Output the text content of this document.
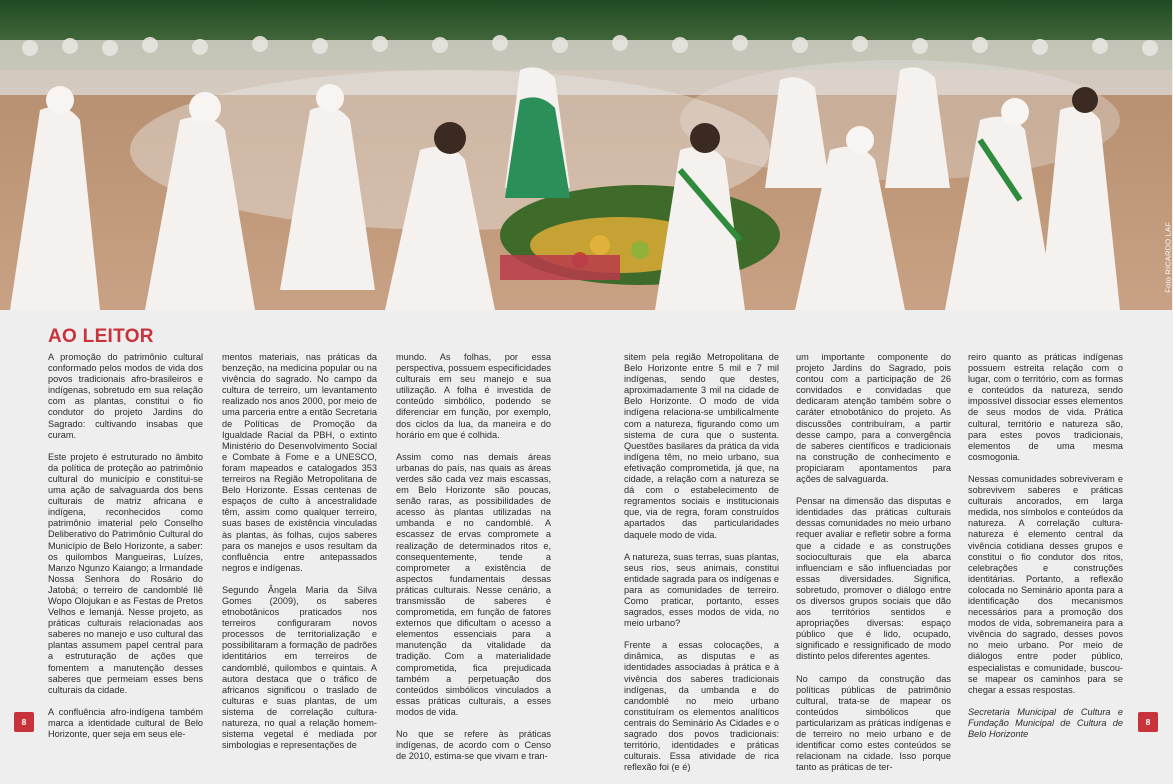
Foto RICARDO LAF
AO LEITOR

A promoção do patrimônio cultural conformado pelos modos de vida dos povos tradicionais afro-brasileiros e indígenas, sobretudo em sua relação com as plantas, constitui o fio condutor do projeto Jardins do Sagrado: cultivando insabas que curam.

Este projeto é estruturado no âmbito da política de proteção ao patrimônio cultural do município e constitui-se uma ação de salvaguarda dos bens culturais de matriz africana e indígena, reconhecidos como patrimônio imaterial pelo Conselho Deliberativo do Patrimônio Cultural do Município de Belo Horizonte, a saber: os quilombos Mangueiras, Luízes, Manzo Ngunzo Kaiango; a Irmandade Nossa Senhora do Rosário do Jatobá; o terreiro de candomblé Ilê Wopo Olojukan e as Festas de Pretos Velhos e Iemanjá. Nesse projeto, as práticas culturais relacionadas aos saberes no manejo e uso cultural das plantas assumem papel central para a estruturação de ações que fomentem a manutenção desses saberes que permeiam esses bens culturais da cidade.

A confluência afro-indígena também marca a identidade cultural de Belo Horizonte, quer seja em seus ele-

mentos materiais, nas práticas da benzeção, na medicina popular ou na vivência do sagrado. No campo da cultura de terreiro, um levantamento realizado nos anos 2000, por meio de uma parceria entre a então Secretaria de Políticas de Promoção da Igualdade Racial da PBH, o extinto Ministério do Desenvolvimento Social e Combate à Fome e a UNESCO, foram mapeados e catalogados 353 terreiros na Região Metropolitana de Belo Horizonte. Essas centenas de espaços de culto à ancestralidade têm, assim como qualquer terreiro, suas bases de existência vinculadas às plantas, às folhas, cujos saberes para os manejos e usos resultam da confluência entre antepassados negros e indígenas.

Segundo Ângela Maria da Silva Gomes (2009), os saberes etnobotânicos praticados nos terreiros configuraram novos processos de territorialização e possibilitaram a formação de padrões identitários em terreiros de candomblé, quilombos e quintais. A autora destaca que o tráfico de africanos significou o traslado de culturas e suas plantas, de um sistema de correlação cultura-natureza, no qual a relação homem-sistema vegetal é mediada por simbologias e representações de

mundo. As folhas, por essa perspectiva, possuem especificidades culturais em seu manejo e sua utilização. A folha é investida de conteúdo simbólico, podendo se diferenciar em função, por exemplo, dos ciclos da lua, da maneira e do horário em que é colhida.

Assim como nas demais áreas urbanas do país, nas quais as áreas verdes são cada vez mais escassas, em Belo Horizonte são poucas, senão raras, as possibilidades de acesso às plantas utilizadas na umbanda e no candomblé. A escassez de ervas compromete a realização de determinados ritos e, consequentemente, tende a comprometer a existência de aspectos fundamentais dessas práticas culturais. Nesse cenário, a transmissão de saberes é comprometida, em função de fatores externos que dificultam o acesso a elementos essenciais para a manutenção da vitalidade da tradição. Com a materialidade comprometida, fica prejudicada também a perpetuação dos conteúdos simbólicos vinculados a essas práticas culturais, a esses modos de vida.

No que se refere às práticas indígenas, de acordo com o Censo de 2010, estima-se que vivam e tran-

sitem pela região Metropolitana de Belo Horizonte entre 5 mil e 7 mil indígenas, sendo que destes, aproximadamente 3 mil na cidade de Belo Horizonte. O modo de vida indígena relaciona-se umbilicalmente com a natureza, figurando como um sistema de cura que o sustenta. Questões basilares da prática da vida indígena têm, no meio urbano, sua efetivação comprometida, já que, na cidade, a relação com a natureza se dá com o estabelecimento de regramentos sociais e institucionais que, via de regra, foram construídos apartados das particularidades daquele modo de vida.

A natureza, suas terras, suas plantas, seus rios, seus animais, constitui entidade sagrada para os indígenas e para as comunidades de terreiro. Como praticar, portanto, esses sagrados, esses modos de vida, no meio urbano?

Frente a essas colocações, a dinâmica, as disputas e as identidades associadas à prática e à vivência dos saberes tradicionais indígenas, da umbanda e do candomblé no meio urbano constituíram os elementos analíticos centrais do Seminário As Cidades e o sagrado dos povos tradicionais: território, identidades e práticas culturais. Essa atividade de rica reflexão foi (e é)

um importante componente do projeto Jardins do Sagrado, pois contou com a participação de 26 convidados e convidadas que dedicaram atenção também sobre o caráter etnobotânico do projeto. As discussões contribuíram, a partir desse campo, para a convergência de saberes científicos e tradicionais na construção de conhecimento e propiciaram apontamentos para ações de salvaguarda.

Pensar na dimensão das disputas e identidades das práticas culturais dessas comunidades no meio urbano requer avaliar e refletir sobre a forma que a cidade e as construções socioculturais que ela abarca influenciam e são influenciadas por essas diversidades. Significa, sobretudo, promover o diálogo entre os diversos grupos sociais que dão aos territórios sentidos e apropriações diversas: espaço público que é lido, ocupado, significado e ressignificado de modo distinto pelos diferentes agentes.

No campo da construção das políticas públicas de patrimônio cultural, trata-se de mapear os conteúdos simbólicos que particularizam as práticas indígenas e de terreiro no meio urbano e de identificar como estes conteúdos se relacionam na cidade. Isso porque tanto as práticas de ter-

reiro quanto as práticas indígenas possuem estreita relação com o lugar, com o território, com as formas e conteúdos da natureza, sendo impossível dissociar esses elementos de seus modos de vida. Prática cultural, território e natureza são, para estes povos tradicionais, elementos de uma mesma cosmogonia.

Nessas comunidades sobreviveram e sobrevivem saberes e práticas culturais ancorados, em larga medida, nos símbolos e conteúdos da natureza. A correlação cultura-natureza é elemento central da vivência cotidiana desses grupos e constitui o fio condutor dos ritos, celebrações e construções identitárias. Portanto, a reflexão colocada no Seminário aponta para a identificação dos mecanismos necessários para a promoção dos modos de vida, sobremaneira para a vivência do sagrado, desses povos no meio urbano. Por meio de diálogos entre poder público, especialistas e comunidade, buscou-se mapear os caminhos para se chegar a essas respostas.

Secretaria Municipal de Cultura e Fundação Municipal de Cultura de Belo Horizonte

8	8
